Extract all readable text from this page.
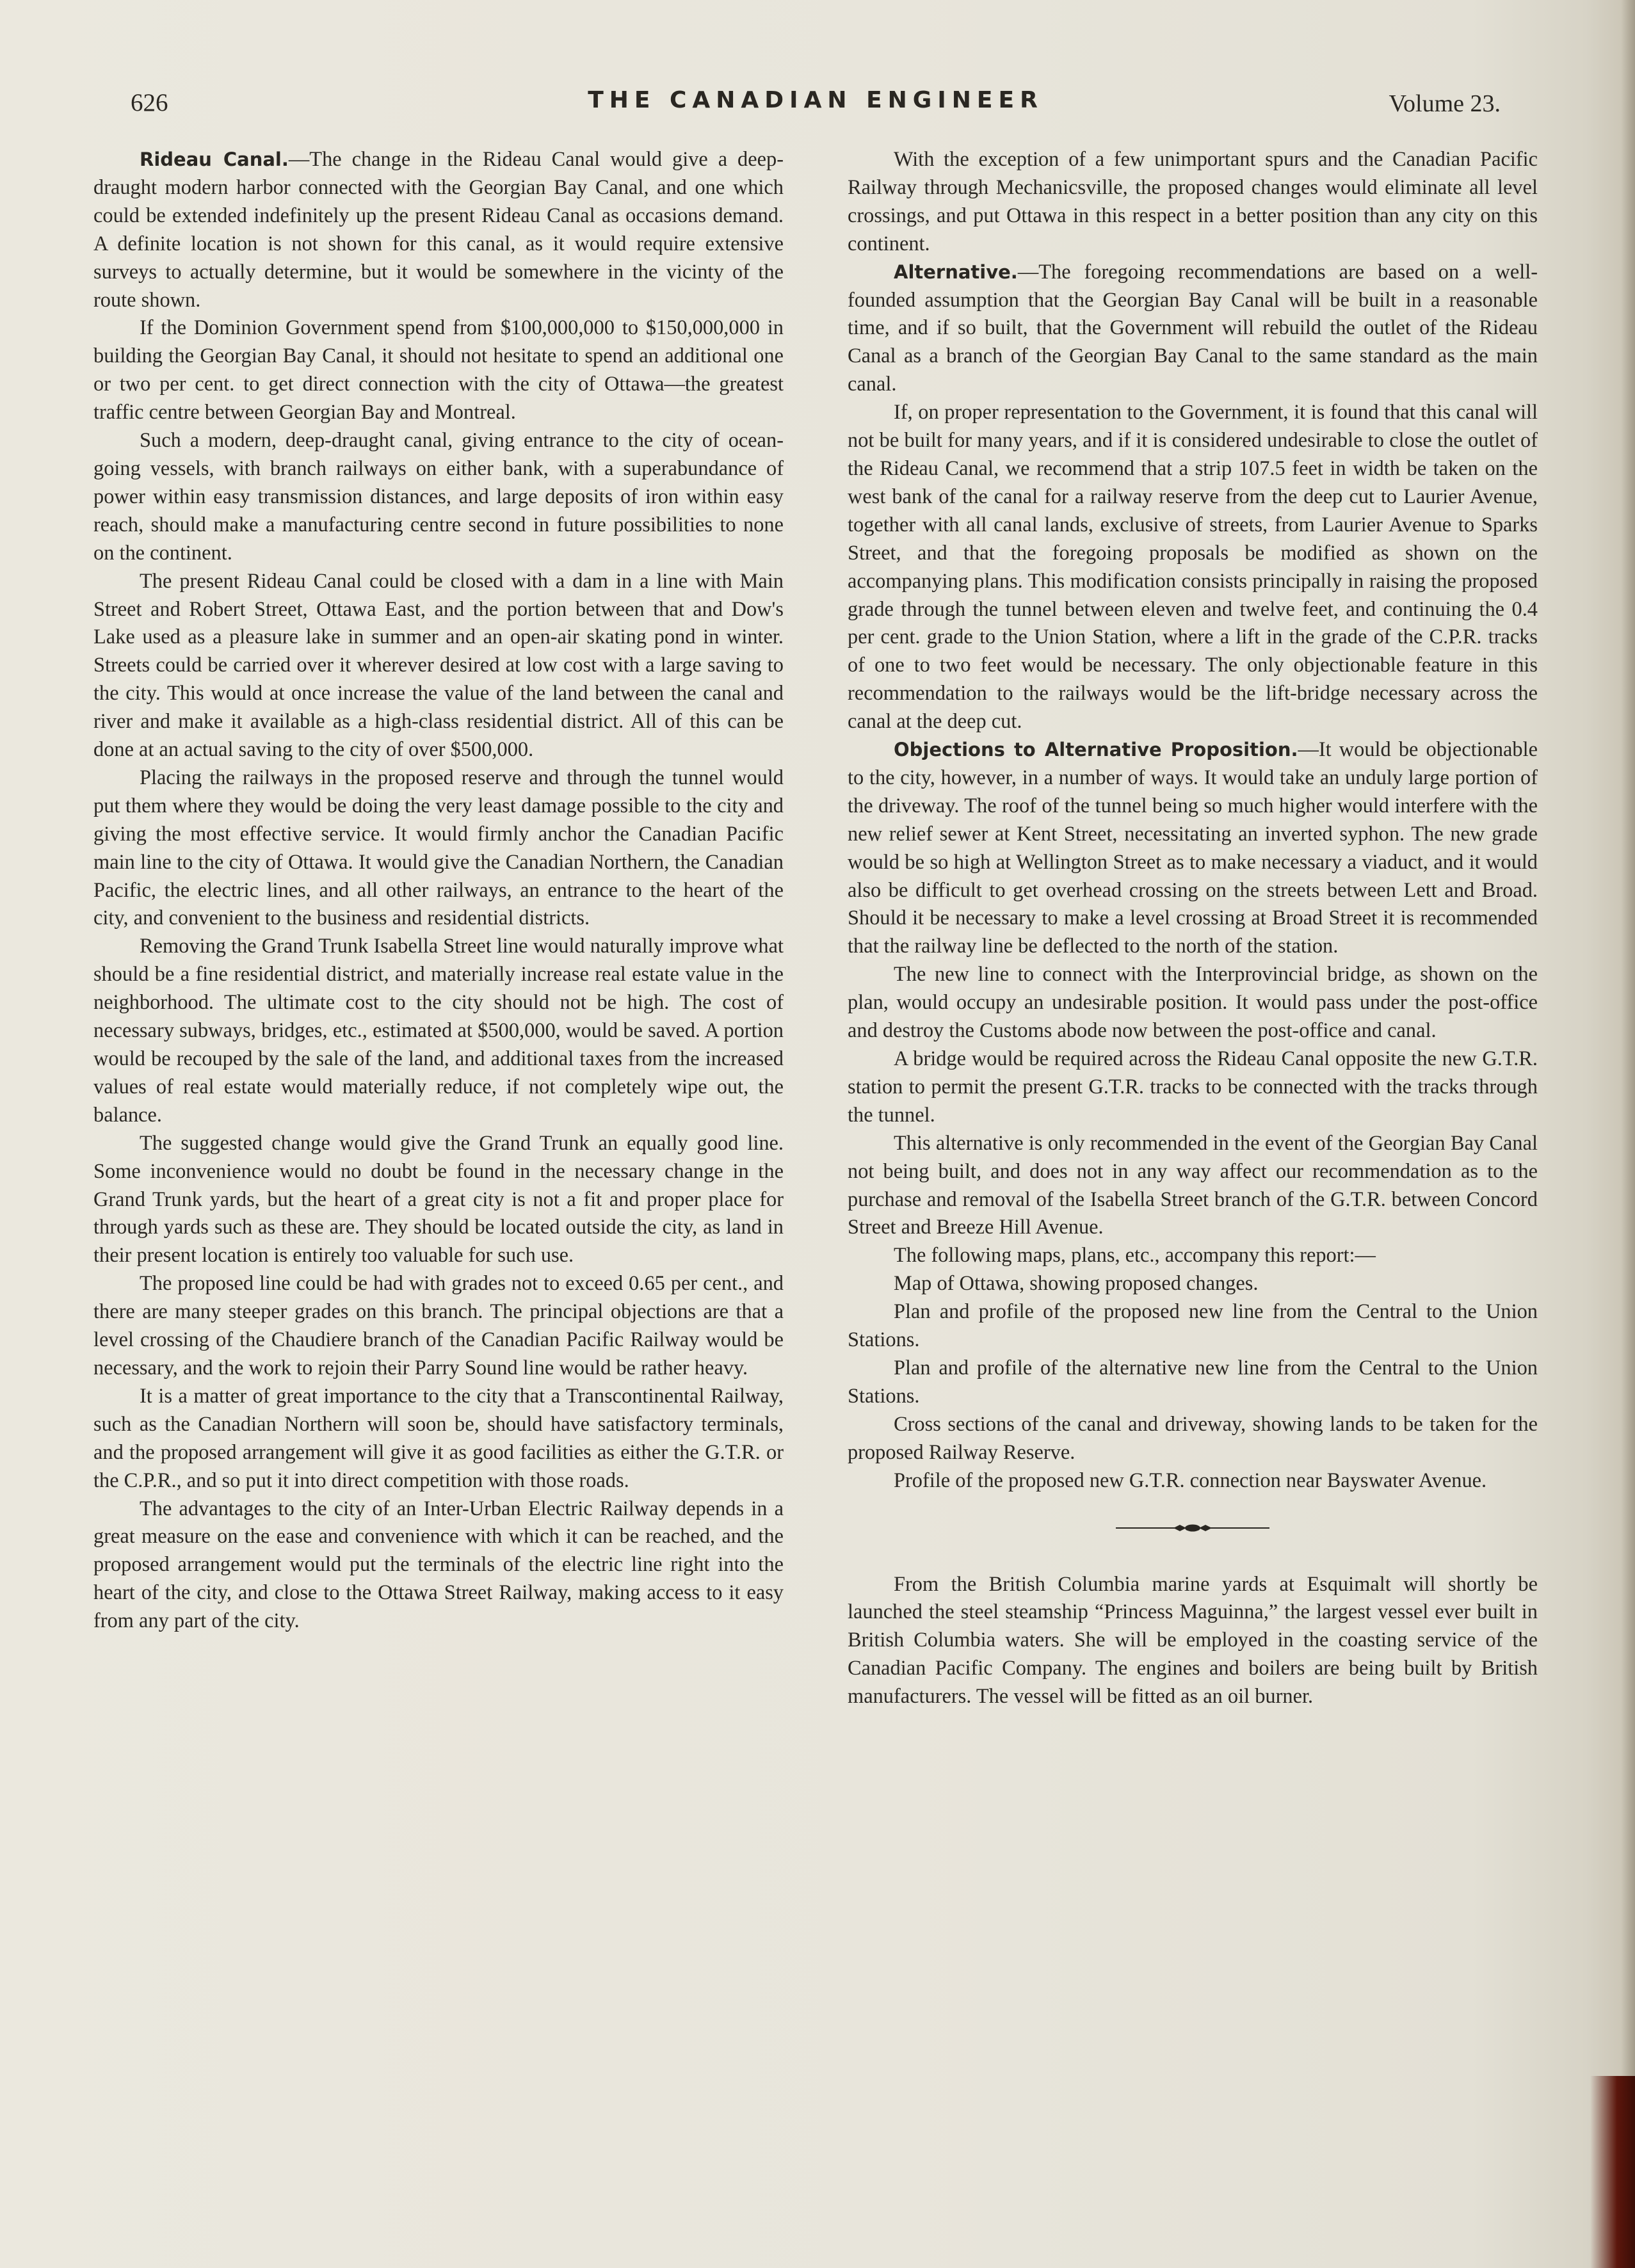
626	THE CANADIAN ENGINEER	Volume 23.

Rideau Canal.—The change in the Rideau Canal would give a deep-draught modern harbor connected with the Georgian Bay Canal, and one which could be extended indefinitely up the present Rideau Canal as occasions demand. A definite location is not shown for this canal, as it would require extensive surveys to actually determine, but it would be somewhere in the vicinty of the route shown.

If the Dominion Government spend from $100,000,000 to $150,000,000 in building the Georgian Bay Canal, it should not hesitate to spend an additional one or two per cent. to get direct connection with the city of Ottawa—the greatest traffic centre between Georgian Bay and Montreal.

Such a modern, deep-draught canal, giving entrance to the city of ocean-going vessels, with branch railways on either bank, with a superabundance of power within easy transmission distances, and large deposits of iron within easy reach, should make a manufacturing centre second in future possibilities to none on the continent.

The present Rideau Canal could be closed with a dam in a line with Main Street and Robert Street, Ottawa East, and the portion between that and Dow's Lake used as a pleasure lake in summer and an open-air skating pond in winter. Streets could be carried over it wherever desired at low cost with a large saving to the city. This would at once increase the value of the land between the canal and river and make it available as a high-class residential district. All of this can be done at an actual saving to the city of over $500,000.

Placing the railways in the proposed reserve and through the tunnel would put them where they would be doing the very least damage possible to the city and giving the most effective service. It would firmly anchor the Canadian Pacific main line to the city of Ottawa. It would give the Canadian Northern, the Canadian Pacific, the electric lines, and all other railways, an entrance to the heart of the city, and convenient to the business and residential districts.

Removing the Grand Trunk Isabella Street line would naturally improve what should be a fine residential district, and materially increase real estate value in the neighborhood. The ultimate cost to the city should not be high. The cost of necessary subways, bridges, etc., estimated at $500,000, would be saved. A portion would be recouped by the sale of the land, and additional taxes from the increased values of real estate would materially reduce, if not completely wipe out, the balance.

The suggested change would give the Grand Trunk an equally good line. Some inconvenience would no doubt be found in the necessary change in the Grand Trunk yards, but the heart of a great city is not a fit and proper place for through yards such as these are. They should be located outside the city, as land in their present location is entirely too valuable for such use.

The proposed line could be had with grades not to exceed 0.65 per cent., and there are many steeper grades on this branch. The principal objections are that a level crossing of the Chaudiere branch of the Canadian Pacific Railway would be necessary, and the work to rejoin their Parry Sound line would be rather heavy.

It is a matter of great importance to the city that a Transcontinental Railway, such as the Canadian Northern will soon be, should have satisfactory terminals, and the proposed arrangement will give it as good facilities as either the G.T.R. or the C.P.R., and so put it into direct competition with those roads.

The advantages to the city of an Inter-Urban Electric Railway depends in a great measure on the ease and convenience with which it can be reached, and the proposed arrangement would put the terminals of the electric line right into the heart of the city, and close to the Ottawa Street Railway, making access to it easy from any part of the city.

With the exception of a few unimportant spurs and the Canadian Pacific Railway through Mechanicsville, the proposed changes would eliminate all level crossings, and put Ottawa in this respect in a better position than any city on this continent.

Alternative.—The foregoing recommendations are based on a well-founded assumption that the Georgian Bay Canal will be built in a reasonable time, and if so built, that the Government will rebuild the outlet of the Rideau Canal as a branch of the Georgian Bay Canal to the same standard as the main canal.

If, on proper representation to the Government, it is found that this canal will not be built for many years, and if it is considered undesirable to close the outlet of the Rideau Canal, we recommend that a strip 107.5 feet in width be taken on the west bank of the canal for a railway reserve from the deep cut to Laurier Avenue, together with all canal lands, exclusive of streets, from Laurier Avenue to Sparks Street, and that the foregoing proposals be modified as shown on the accompanying plans. This modification consists principally in raising the proposed grade through the tunnel between eleven and twelve feet, and continuing the 0.4 per cent. grade to the Union Station, where a lift in the grade of the C.P.R. tracks of one to two feet would be necessary. The only objectionable feature in this recommendation to the railways would be the lift-bridge necessary across the canal at the deep cut.

Objections to Alternative Proposition.—It would be objectionable to the city, however, in a number of ways. It would take an unduly large portion of the driveway. The roof of the tunnel being so much higher would interfere with the new relief sewer at Kent Street, necessitating an inverted syphon. The new grade would be so high at Wellington Street as to make necessary a viaduct, and it would also be difficult to get overhead crossing on the streets between Lett and Broad. Should it be necessary to make a level crossing at Broad Street it is recommended that the railway line be deflected to the north of the station.

The new line to connect with the Interprovincial bridge, as shown on the plan, would occupy an undesirable position. It would pass under the post-office and destroy the Customs abode now between the post-office and canal.

A bridge would be required across the Rideau Canal opposite the new G.T.R. station to permit the present G.T.R. tracks to be connected with the tracks through the tunnel.

This alternative is only recommended in the event of the Georgian Bay Canal not being built, and does not in any way affect our recommendation as to the purchase and removal of the Isabella Street branch of the G.T.R. between Concord Street and Breeze Hill Avenue.

The following maps, plans, etc., accompany this report:—

Map of Ottawa, showing proposed changes.

Plan and profile of the proposed new line from the Central to the Union Stations.

Plan and profile of the alternative new line from the Central to the Union Stations.

Cross sections of the canal and driveway, showing lands to be taken for the proposed Railway Reserve.

Profile of the proposed new G.T.R. connection near Bayswater Avenue.

From the British Columbia marine yards at Esquimalt will shortly be launched the steel steamship “Princess Maguinna,” the largest vessel ever built in British Columbia waters. She will be employed in the coasting service of the Canadian Pacific Company. The engines and boilers are being built by British manufacturers. The vessel will be fitted as an oil burner.
